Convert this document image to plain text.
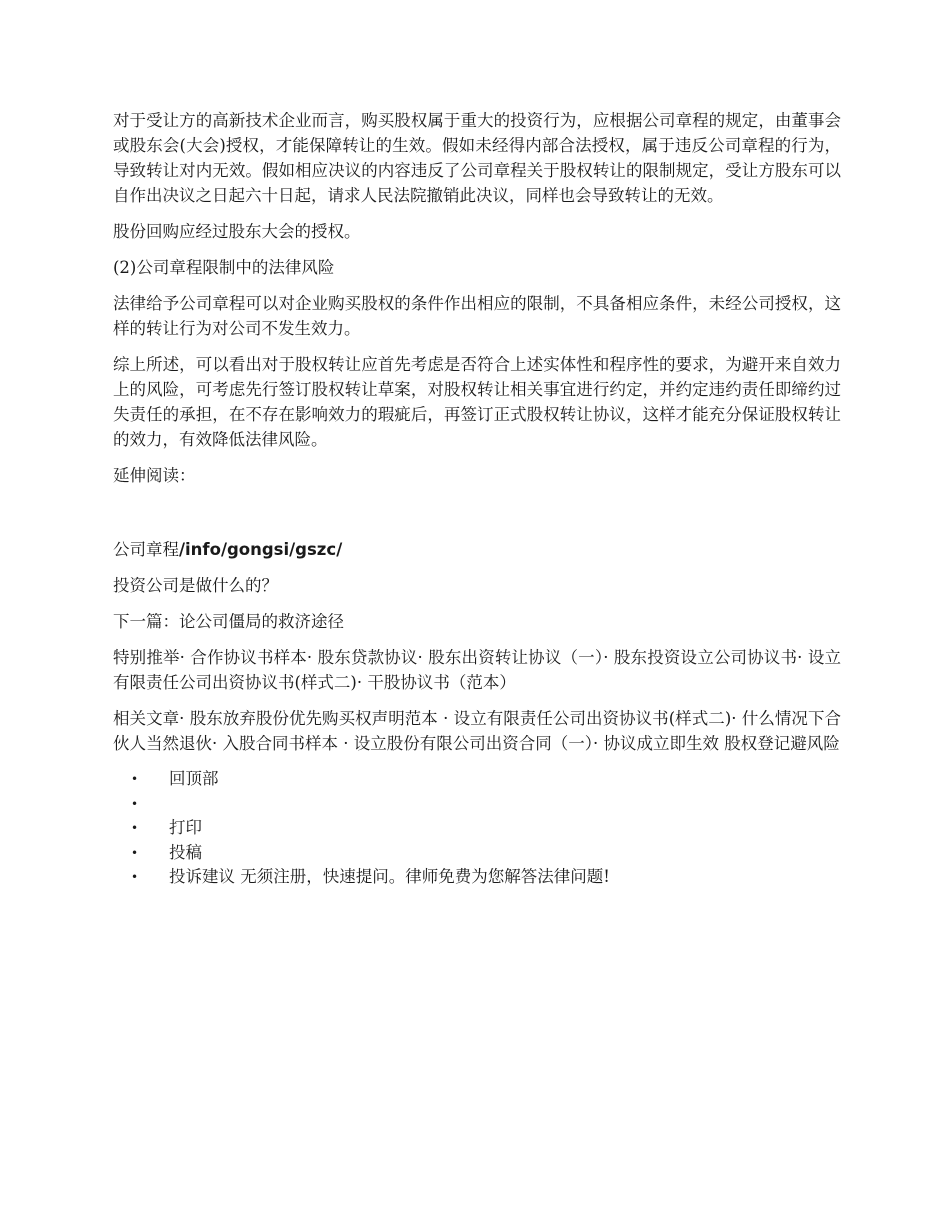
对于受让方的高新技术企业而言，购买股权属于重大的投资行为，应根据公司章程的规定，由董事会或股东会(大会)授权，才能保障转让的生效。假如未经得内部合法授权，属于违反公司章程的行为，导致转让对内无效。假如相应决议的内容违反了公司章程关于股权转让的限制规定，受让方股东可以自作出决议之日起六十日起，请求人民法院撤销此决议，同样也会导致转让的无效。

股份回购应经过股东大会的授权。

(2)公司章程限制中的法律风险

法律给予公司章程可以对企业购买股权的条件作出相应的限制，不具备相应条件，未经公司授权，这样的转让行为对公司不发生效力。

综上所述，可以看出对于股权转让应首先考虑是否符合上述实体性和程序性的要求，为避开来自效力上的风险，可考虑先行签订股权转让草案，对股权转让相关事宜进行约定，并约定违约责任即缔约过失责任的承担，在不存在影响效力的瑕疵后，再签订正式股权转让协议，这样才能充分保证股权转让的效力，有效降低法律风险。

延伸阅读：

公司章程/info/gongsi/gszc/

投资公司是做什么的？

下一篇：论公司僵局的救济途径

特别推举· 合作协议书样本· 股东贷款协议· 股东出资转让协议（一）· 股东投资设立公司协议书· 设立有限责任公司出资协议书(样式二)· 干股协议书（范本）

相关文章· 股东放弃股份优先购买权声明范本 · 设立有限责任公司出资协议书(样式二)· 什么情况下合伙人当然退伙· 入股合同书样本 · 设立股份有限公司出资合同（一）· 协议成立即生效 股权登记避风险

• 回顶部
•
• 打印
• 投稿
• 投诉建议 无须注册，快速提问。律师免费为您解答法律问题!
